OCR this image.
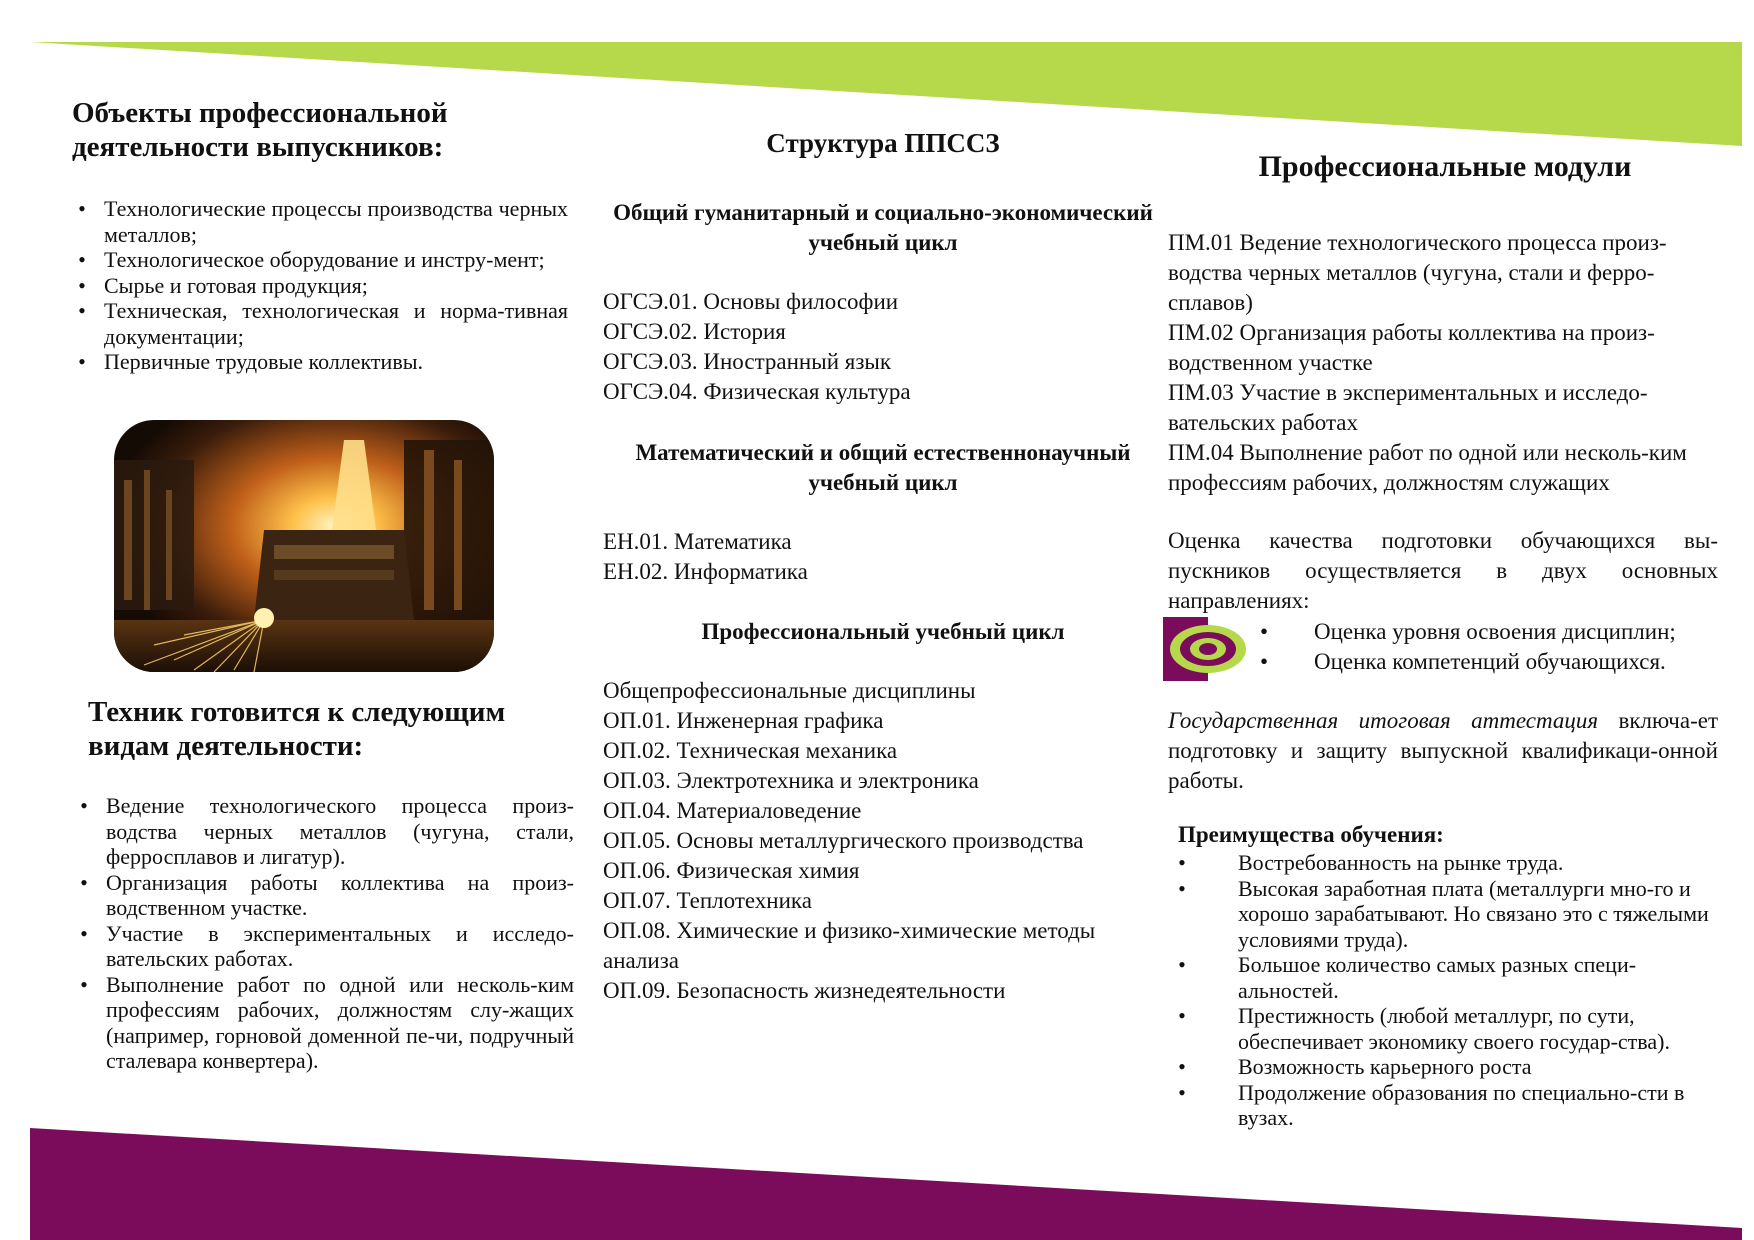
Объекты профессиональной деятельности выпускников:
• Технологические процессы производства черных металлов;
• Технологическое оборудование и инстру-мент;
• Сырье и готовая продукция;
• Техническая, технологическая и норма-тивная документации;
• Первичные трудовые коллективы.
Техник готовится к следующим видам деятельности:
• Ведение технологического процесса произ-водства черных металлов (чугуна, стали, ферросплавов и лигатур).
• Организация работы коллектива на произ-водственном участке.
• Участие в экспериментальных и исследо-вательских работах.
• Выполнение работ по одной или несколь-ким профессиям рабочих, должностям слу-жащих (например, горновой доменной пе-чи, подручный сталевара конвертера).
Структура ППССЗ
Общий гуманитарный и социально-экономический учебный цикл
ОГСЭ.01. Основы философии
ОГСЭ.02. История
ОГСЭ.03. Иностранный язык
ОГСЭ.04. Физическая культура
Математический и общий естественнонаучный учебный цикл
ЕН.01. Математика
ЕН.02. Информатика
Профессиональный учебный цикл
Общепрофессиональные дисциплины
ОП.01. Инженерная графика
ОП.02. Техническая механика
ОП.03. Электротехника и электроника
ОП.04. Материаловедение
ОП.05. Основы металлургического производства
ОП.06. Физическая химия
ОП.07. Теплотехника
ОП.08. Химические и физико-химические методы анализа
ОП.09. Безопасность жизнедеятельности
Профессиональные модули
ПМ.01 Ведение технологического процесса произ-водства черных металлов (чугуна, стали и ферро-сплавов)
ПМ.02 Организация работы коллектива на произ-водственном участке
ПМ.03 Участие в экспериментальных и исследо-вательских работах
ПМ.04 Выполнение работ по одной или несколь-ким профессиям рабочих, должностям служащих

Оценка качества подготовки обучающихся вы-пускников осуществляется в двух основных направлениях:

• Оценка уровня освоения дисциплин;
• Оценка компетенций обучающихся.

Государственная итоговая аттестация включа-ет подготовку и защиту выпускной квалификаци-онной работы.

Преимущества обучения:
•	Востребованность на рынке труда.
•	Высокая заработная плата (металлурги мно-го и хорошо зарабатывают. Но связано это с тяжелыми условиями труда).
•	Большое количество самых разных специ-альностей.
•	Престижность (любой металлург, по сути, обеспечивает экономику своего государ-ства).
•	Возможность карьерного роста
•	Продолжение образования по специально-сти в вузах.
